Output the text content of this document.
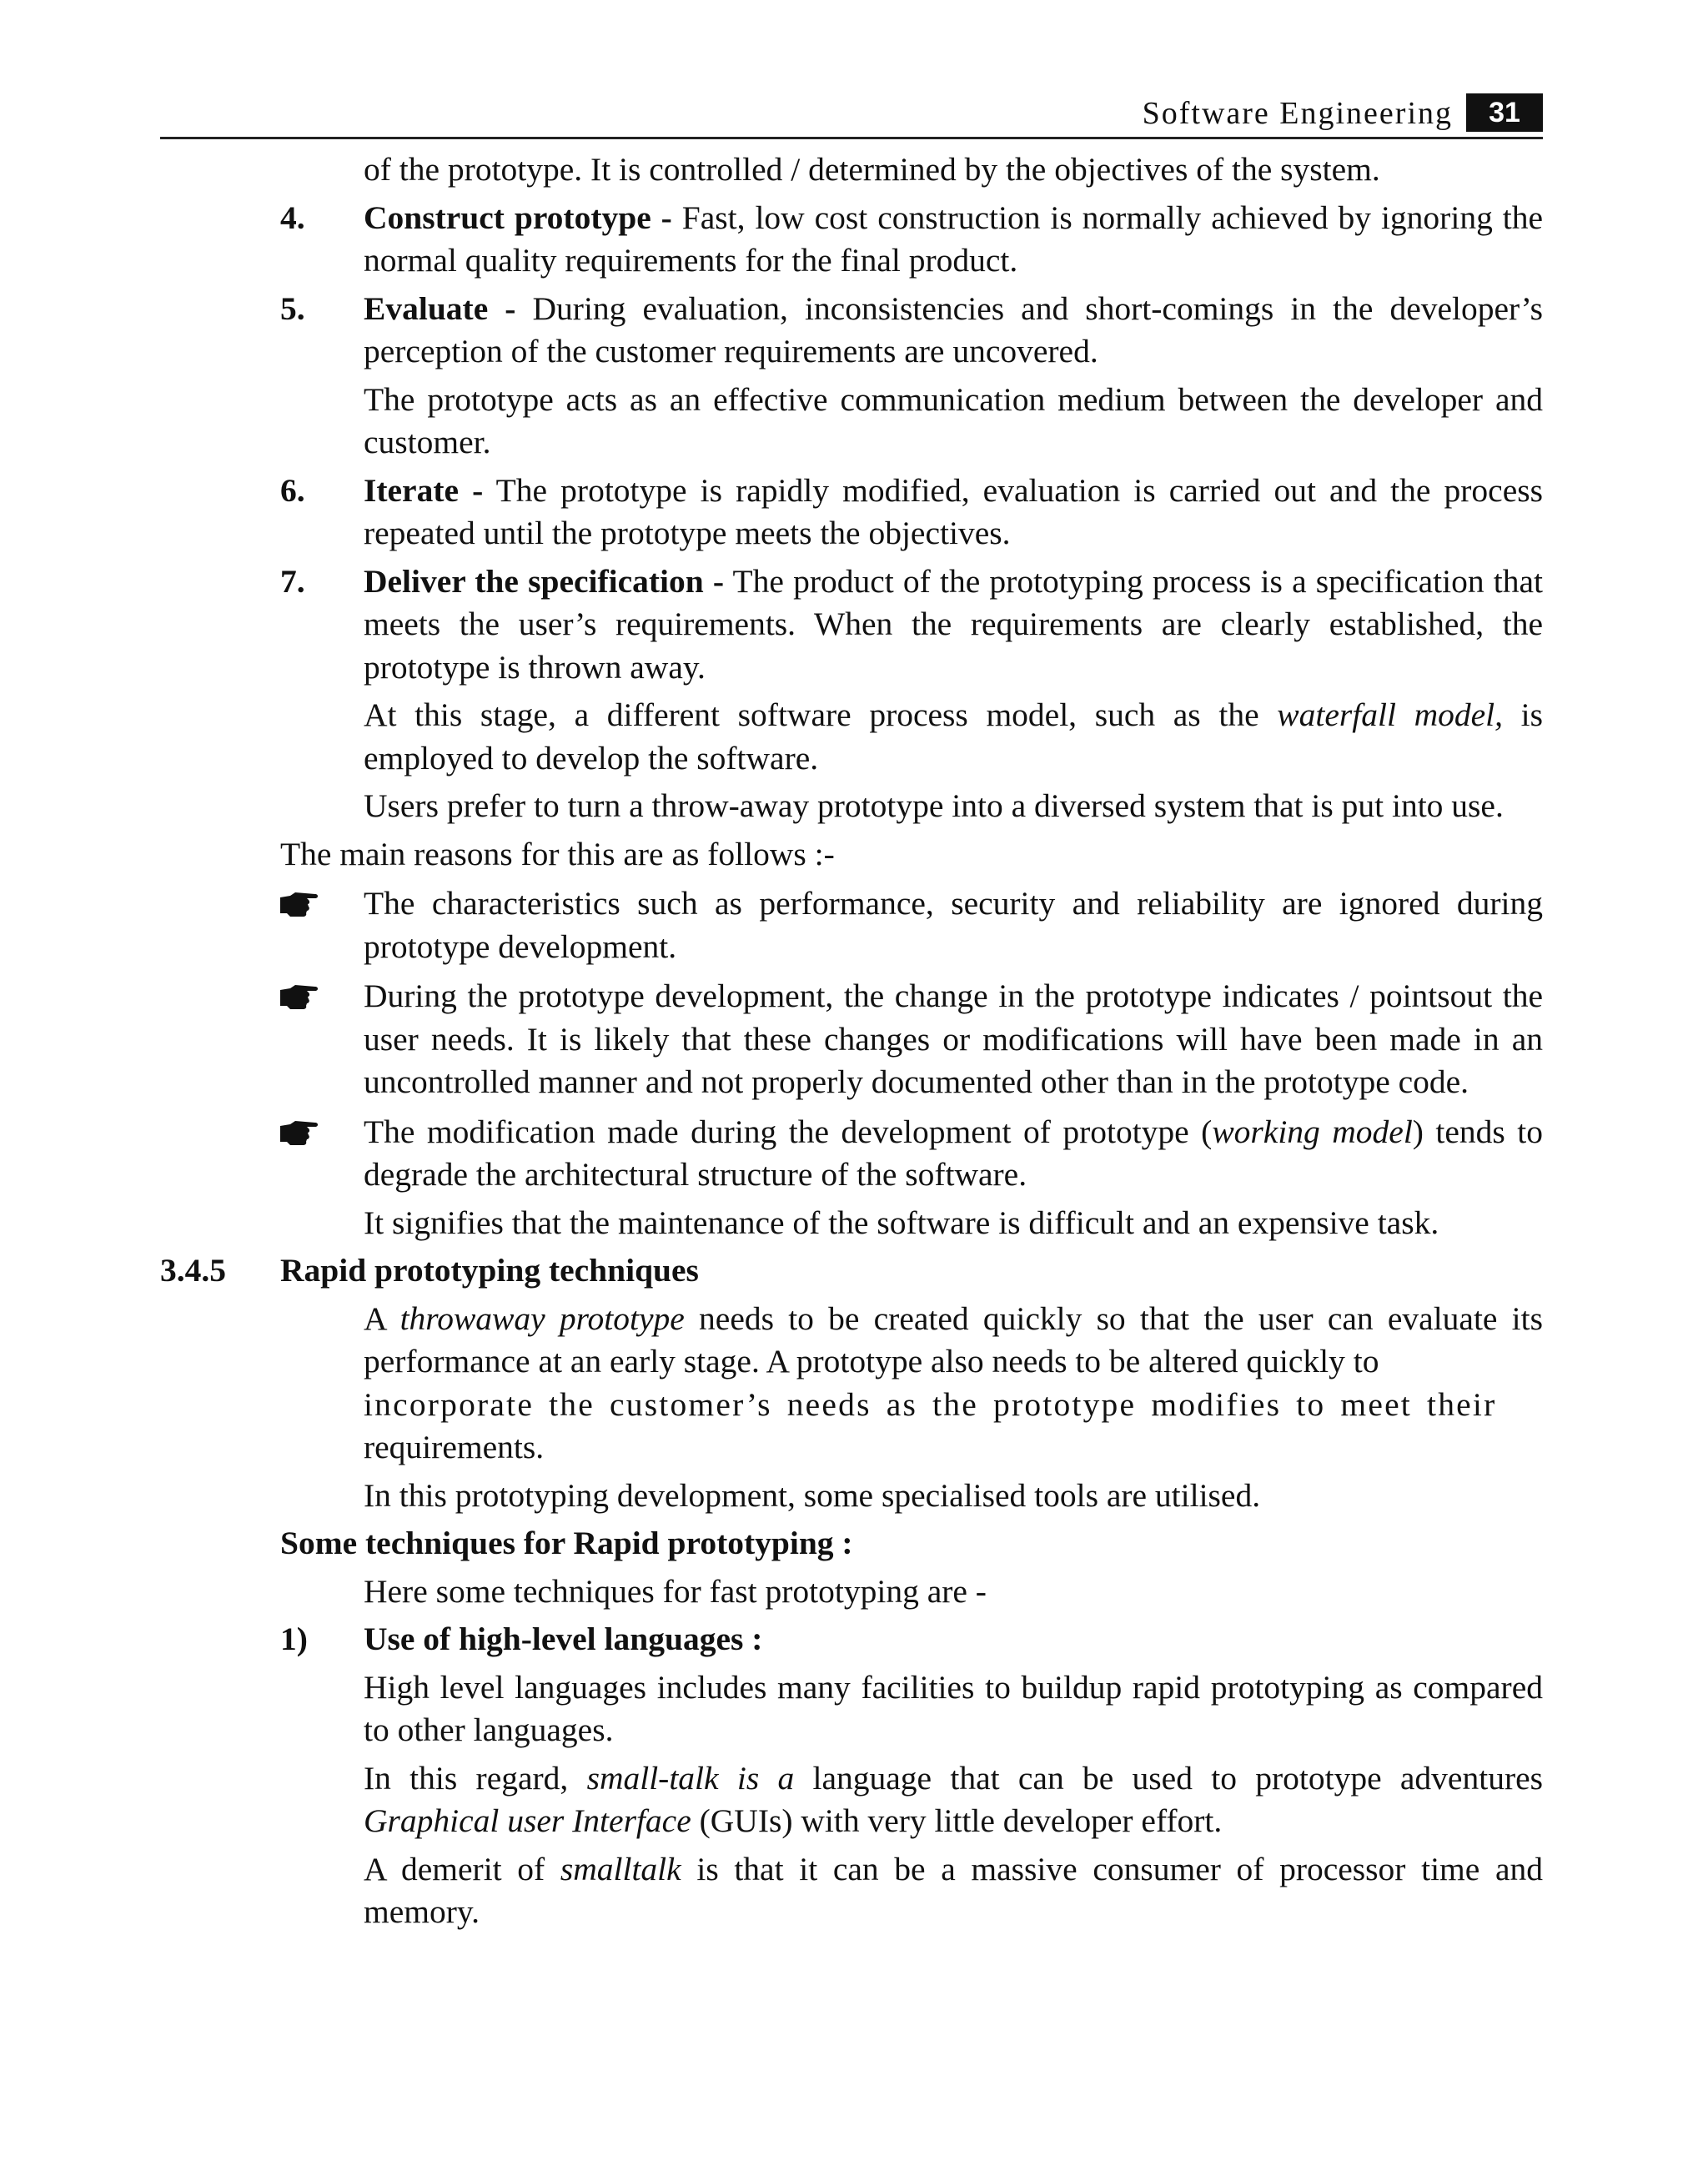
Software Engineering	31
of the prototype. It is controlled / determined by the objectives of the system.
4. Construct prototype - Fast, low cost construction is normally achieved by ignoring the normal quality requirements for the final product.
5. Evaluate - During evaluation, inconsistencies and short-comings in the developer’s perception of the customer requirements are uncovered.
The prototype acts as an effective communication medium between the developer and customer.
6. Iterate - The prototype is rapidly modified, evaluation is carried out and the process repeated until the prototype meets the objectives.
7. Deliver the specification - The product of the prototyping process is a specification that meets the user’s requirements. When the requirements are clearly established, the prototype is thrown away.
At this stage, a different software process model, such as the waterfall model, is employed to develop the software.
Users prefer to turn a throw-away prototype into a diversed system that is put into use.
The main reasons for this are as follows :-
The characteristics such as performance, security and reliability are ignored during prototype development.
During the prototype development, the change in the prototype indicates / pointsout the user needs. It is likely that these changes or modifications will have been made in an uncontrolled manner and not properly documented other than in the prototype code.
The modification made during the development of prototype (working model) tends to degrade the architectural structure of the software.
It signifies that the maintenance of the software is difficult and an expensive task.
3.4.5 Rapid prototyping techniques
A throwaway prototype needs to be created quickly so that the user can evaluate its performance at an early stage. A prototype also needs to be altered quickly to
incorporate the customer’s needs as the prototype modifies to meet their
requirements.
In this prototyping development, some specialised tools are utilised.
Some techniques for Rapid prototyping :
Here some techniques for fast prototyping are -
1) Use of high-level languages :
High level languages includes many facilities to buildup rapid prototyping as compared to other languages.
In this regard, small-talk is a language that can be used to prototype adventures Graphical user Interface (GUIs) with very little developer effort.
A demerit of smalltalk is that it can be a massive consumer of processor time and memory.
